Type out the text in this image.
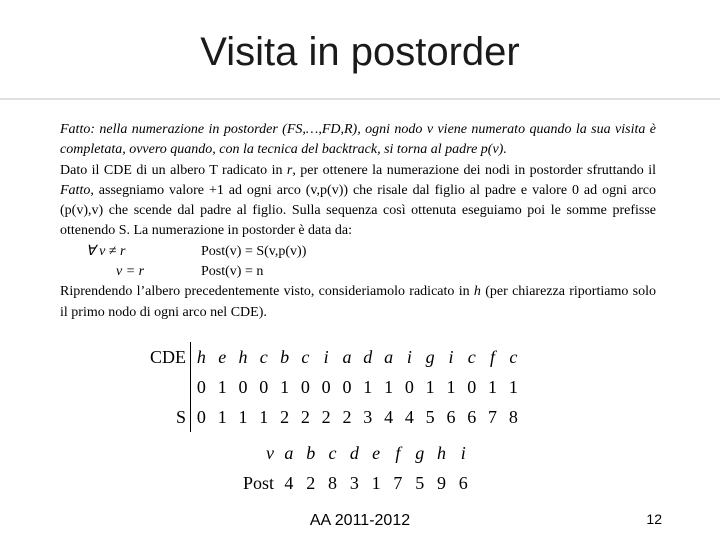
Visita in postorder

Fatto: nella numerazione in postorder (FS,…,FD,R), ogni nodo v viene numerato quando la sua visita è completata, ovvero quando, con la tecnica del backtrack, si torna al padre p(v).

Dato il CDE di un albero T radicato in r, per ottenere la numerazione dei nodi in postorder sfruttando il Fatto, assegniamo valore +1 ad ogni arco (v,p(v)) che risale dal figlio al padre e valore 0 ad ogni arco (p(v),v) che scende dal padre al figlio. Sulla sequenza così ottenuta eseguiamo poi le somme prefisse ottenendo S. La numerazione in postorder è data da:

∀ v ≠ r	Post(v) = S(v,p(v))
v = r	Post(v) = n

Riprendendo l’albero precedentemente visto, consideriamolo radicato in h (per chiarezza riportiamo solo il primo nodo di ogni arco nel CDE).

CDE	h	e	h	c	b	c	i	a	d	a	i	g	i	c	f	c
	0	1	0	0	1	0	0	0	1	1	0	1	1	0	1	1
S	0	1	1	1	2	2	2	2	3	4	4	5	6	6	7	8
v	a	b	c	d	e	f	g	h	i
Post	4	2	8	3	1	7	5	9	6
AA 2011-2012	12
